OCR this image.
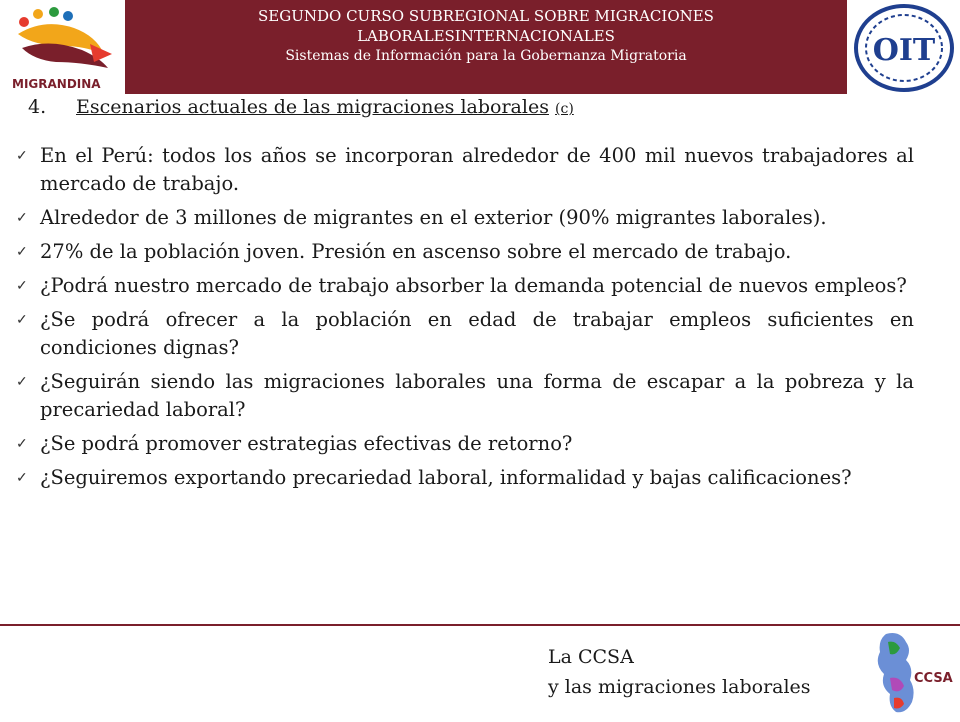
MIGRANDINA
SEGUNDO CURSO SUBREGIONAL SOBRE MIGRACIONES
LABORALESINTERNACIONALES
Sistemas de Información para la Gobernanza Migratoria	OIT
4. Escenarios actuales de las migraciones laborales (c)
✓ En el Perú: todos los años se incorporan alrededor de 400 mil nuevos trabajadores al mercado de trabajo.
✓ Alrededor de 3 millones de migrantes en el exterior (90% migrantes laborales).
✓ 27% de la población joven. Presión en ascenso sobre el mercado de trabajo.
✓ ¿Podrá nuestro mercado de trabajo absorber la demanda potencial de nuevos empleos?
✓ ¿Se podrá ofrecer a la población en edad de trabajar empleos suficientes en condiciones dignas?
✓ ¿Seguirán siendo las migraciones laborales una forma de escapar a la pobreza y la precariedad laboral?
✓ ¿Se podrá promover estrategias efectivas de retorno?
✓ ¿Seguiremos exportando precariedad laboral, informalidad y bajas calificaciones?
La CCSA
y las migraciones laborales	CCSA
